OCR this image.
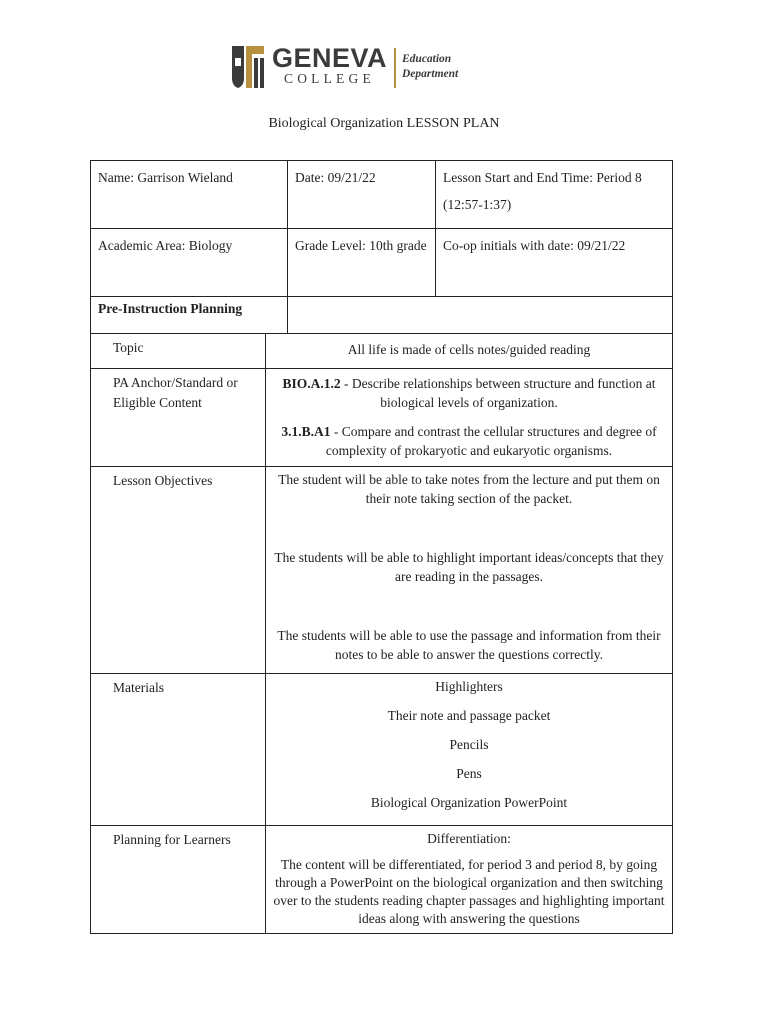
GENEVA
COLLEGE
Education
Department
Biological Organization LESSON PLAN
Name: Garrison Wieland		Date: 09/21/22	Lesson Start and End Time: Period 8 (12:57-1:37)
Academic Area: Biology		Grade Level: 10th grade	Co-op initials with date: 09/21/22
Pre-Instruction Planning			
Topic	All life is made of cells notes/guided reading		
PA Anchor/Standard or Eligible Content	BIO.A.1.2 - Describe relationships between structure and function at biological levels of organization.

3.1.B.A1 - Compare and contrast the cellular structures and degree of complexity of prokaryotic and eukaryotic organisms.		

Lesson Objectives	The student will be able to take notes from the lecture and put them on their note taking section of the packet.

The students will be able to highlight important ideas/concepts that they are reading in the passages.

The students will be able to use the passage and information from their notes to be able to answer the questions correctly.		

Materials	Highlighters

Their note and passage packet

Pencils

Pens

Biological Organization PowerPoint		

Planning for Learners	Differentiation:

The content will be differentiated, for period 3 and period 8, by going through a PowerPoint on the biological organization and then switching over to the students reading chapter passages and highlighting important ideas along with answering the questions		
